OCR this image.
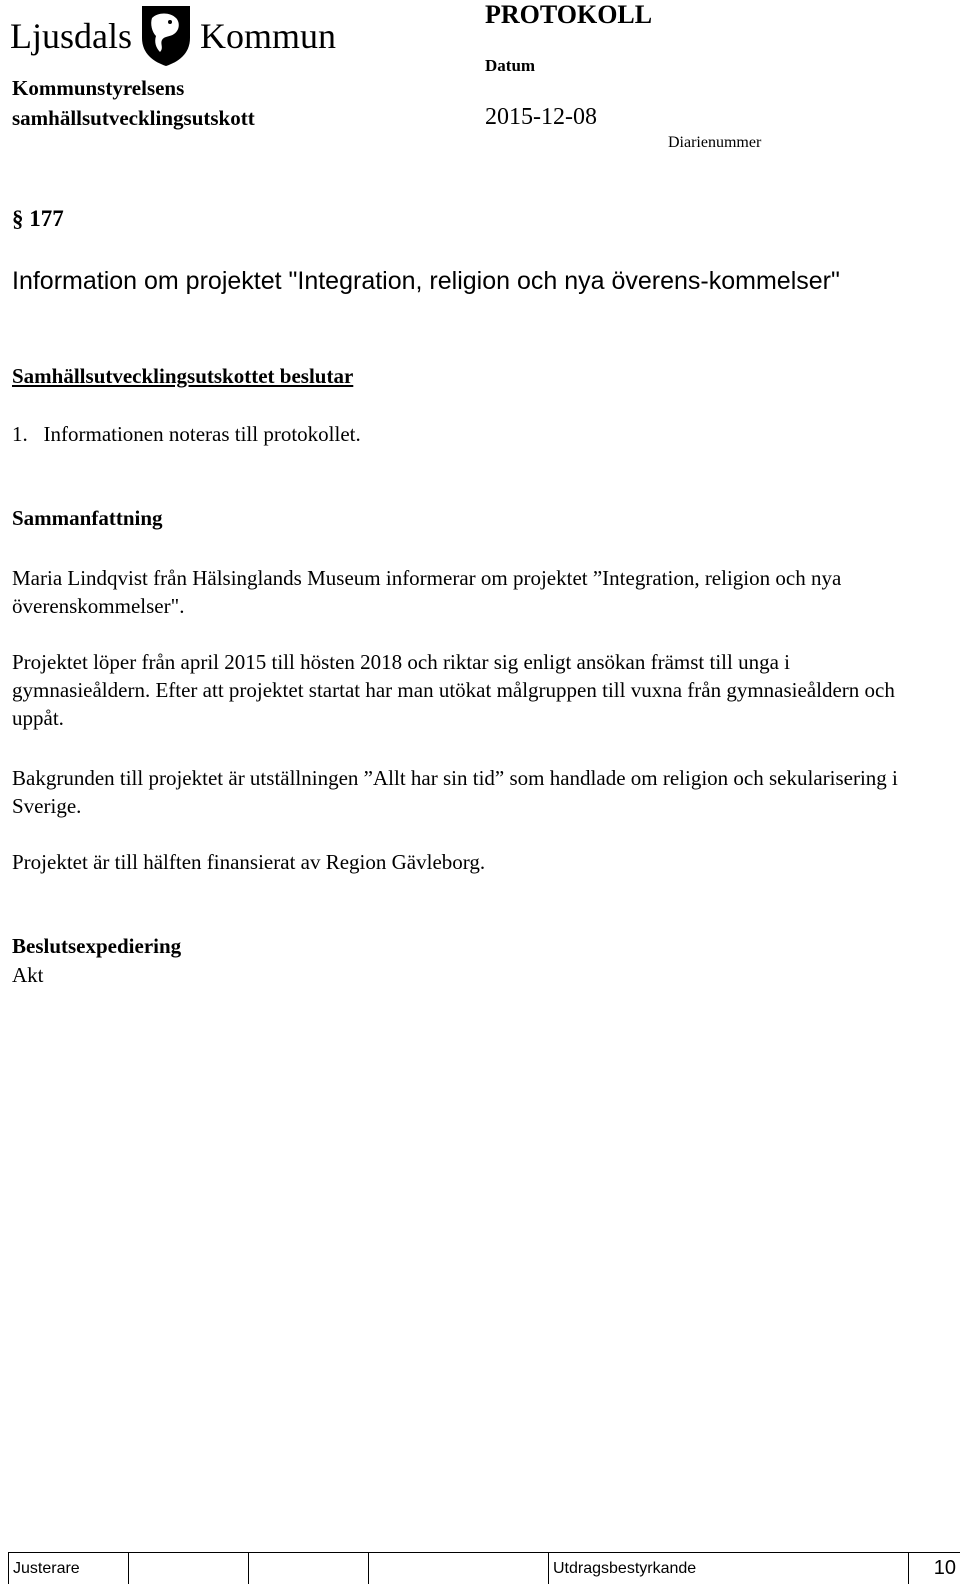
Ljusdals Kommun
PROTOKOLL
Datum
Kommunstyrelsens
samhällsutvecklingsutskott	2015-12-08
Diarienummer
§ 177
Information om projektet "Integration, religion och nya överens-kommelser"
Samhällsutvecklingsutskottet beslutar
1.   Informationen noteras till protokollet.
Sammanfattning
Maria Lindqvist från Hälsinglands Museum informerar om projektet ”Integration, religion och nya överenskommelser".
Projektet löper från april 2015 till hösten 2018 och riktar sig enligt ansökan främst till unga i gymnasieåldern. Efter att projektet startat har man utökat målgruppen till vuxna från gymnasieåldern och uppåt.
Bakgrunden till projektet är utställningen ”Allt har sin tid” som handlade om religion och sekularisering i Sverige.
Projektet är till hälften finansierat av Region Gävleborg.
Beslutsexpediering
Akt
Justerare	Utdragsbestyrkande	10
